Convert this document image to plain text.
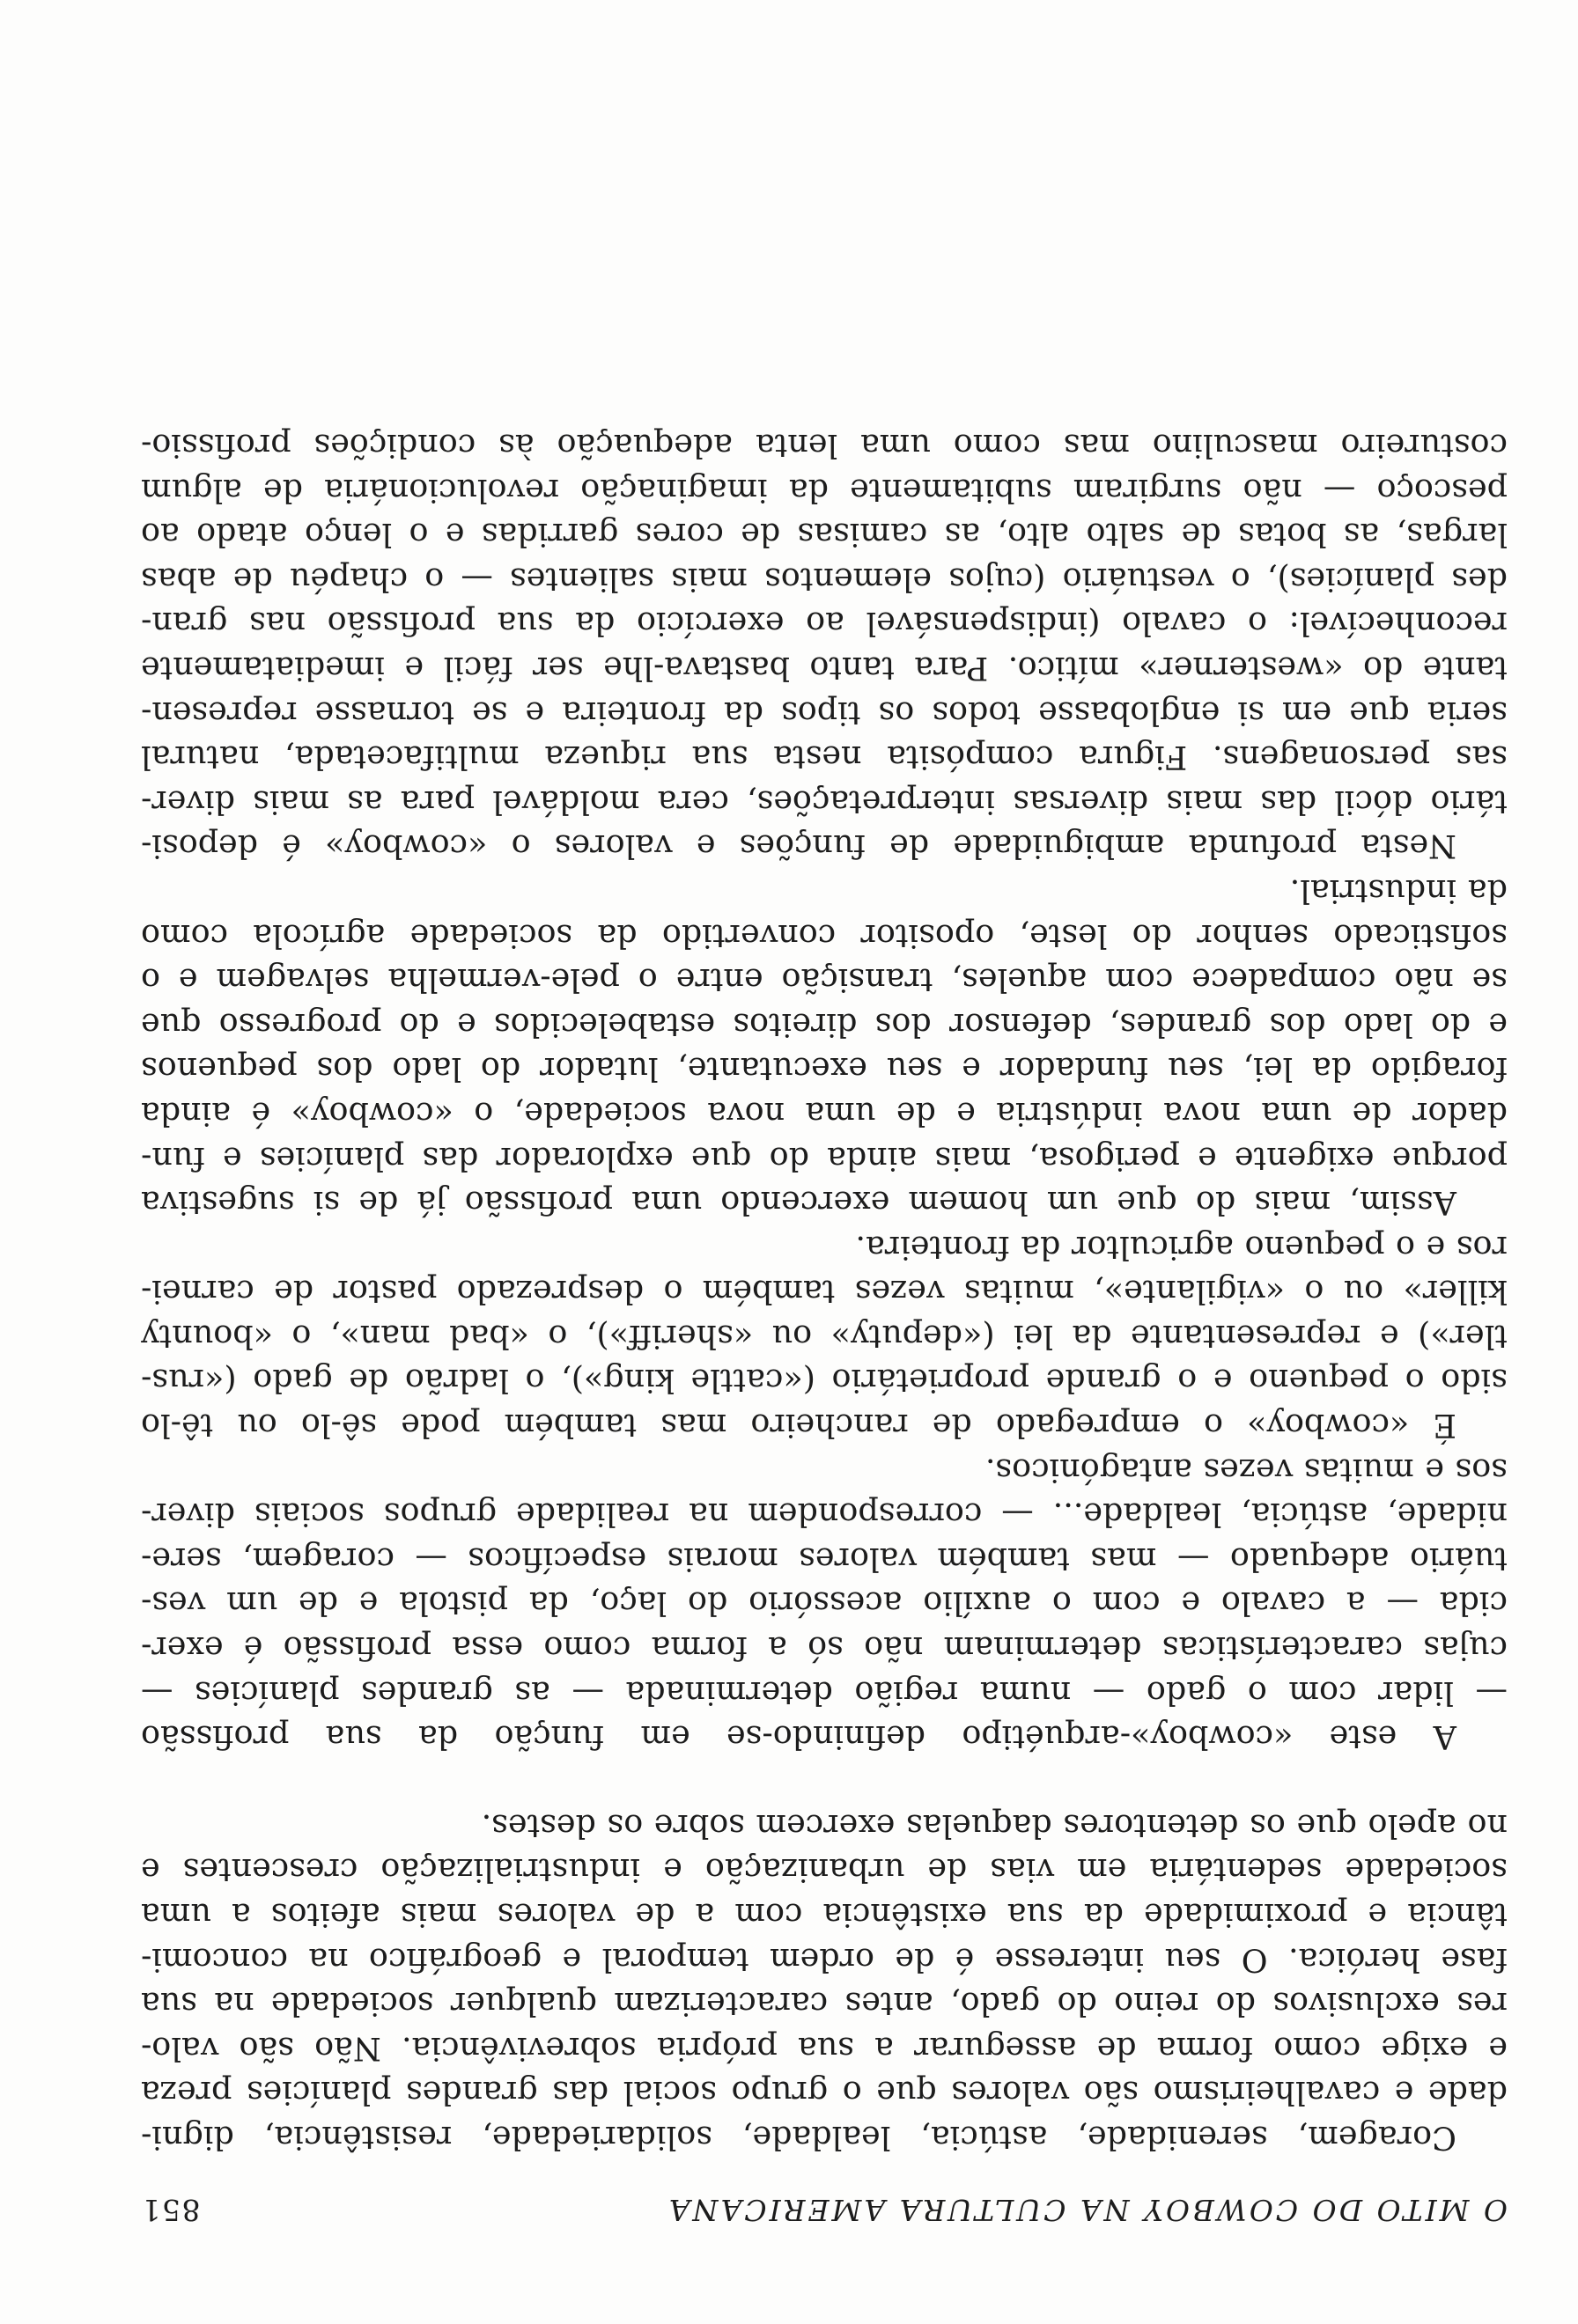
O MITO DO COWBOY NA CULTURA AMERICANA
851
Coragem, serenidade, astúcia, lealdade, solidariedade, resistência, digni-
dade e cavalheirismo são valores que o grupo social das grandes planícies preza
e exige como forma de assegurar a sua própria sobrevivência. Não são valo-
res exclusivos do reino do gado, antes caracterizam qualquer sociedade na sua
fase heróica. O seu interesse é de ordem temporal e geográfico na concomi-
tância e proximidade da sua existência com a de valores mais afeitos a uma
sociedade sedentária em vias de urbanização e industrialização crescentes e
no apelo que os detentores daquelas exercem sobre os destes.
A este «cowboy»-arquétipo definindo-se em função da sua profissão
— lidar com o gado — numa região determinada — as grandes planícies —
cujas características determinam não só a forma como essa profissão é exer-
cida — a cavalo e com o auxílio acessório do laço, da pistola e de um ves-
tuário adequado — mas também valores morais específicos — coragem, sere-
nidade, astúcia, lealdade... — correspondem na realidade grupos sociais diver-
sos e muitas vezes antagónicos.
É «cowboy» o empregado de rancheiro mas também pode sê-lo ou tê-lo
sido o pequeno e o grande proprietário («cattle king»), o ladrão de gado («rus-
tler») e representante da lei («deputy» ou «sheriff»), o «bad man», o «bounty
killer» ou o «vigilante», muitas vezes também o desprezado pastor de carnei-
ros e o pequeno agricultor da fronteira.
Assim, mais do que um homem exercendo uma profissão já de si sugestiva
porque exigente e perigosa, mais ainda do que explorador das planícies e fun-
dador de uma nova indústria e de uma nova sociedade, o «cowboy» é ainda
foragido da lei, seu fundador e seu executante, lutador do lado dos pequenos
e do lado dos grandes, defensor dos direitos estabelecidos e do progresso que
se não compadece com aqueles, transição entre o pele-vermelha selvagem e o
sofisticado senhor do leste, opositor convertido da sociedade agrícola como
da industrial.
Nesta profunda ambiguidade de funções e valores o «cowboy» é deposi-
tário dócil das mais diversas interpretações, cera moldável para as mais diver-
sas personagens. Figura compósita nesta sua riqueza multifacetada, natural
seria que em si englobasse todos os tipos da fronteira e se tornasse represen-
tante do «westerner» mítico. Para tanto bastava-lhe ser fácil e imediatamente
reconhecível: o cavalo (indispensável ao exercício da sua profissão nas gran-
des planícies), o vestuário (cujos elementos mais salientes — o chapéu de abas
largas, as botas de salto alto, as camisas de cores garridas e o lenço atado ao
pescoço — não surgiram subitamente da imaginação revolucionária de algum
costureiro masculino mas como uma lenta adequação às condições profissio-
